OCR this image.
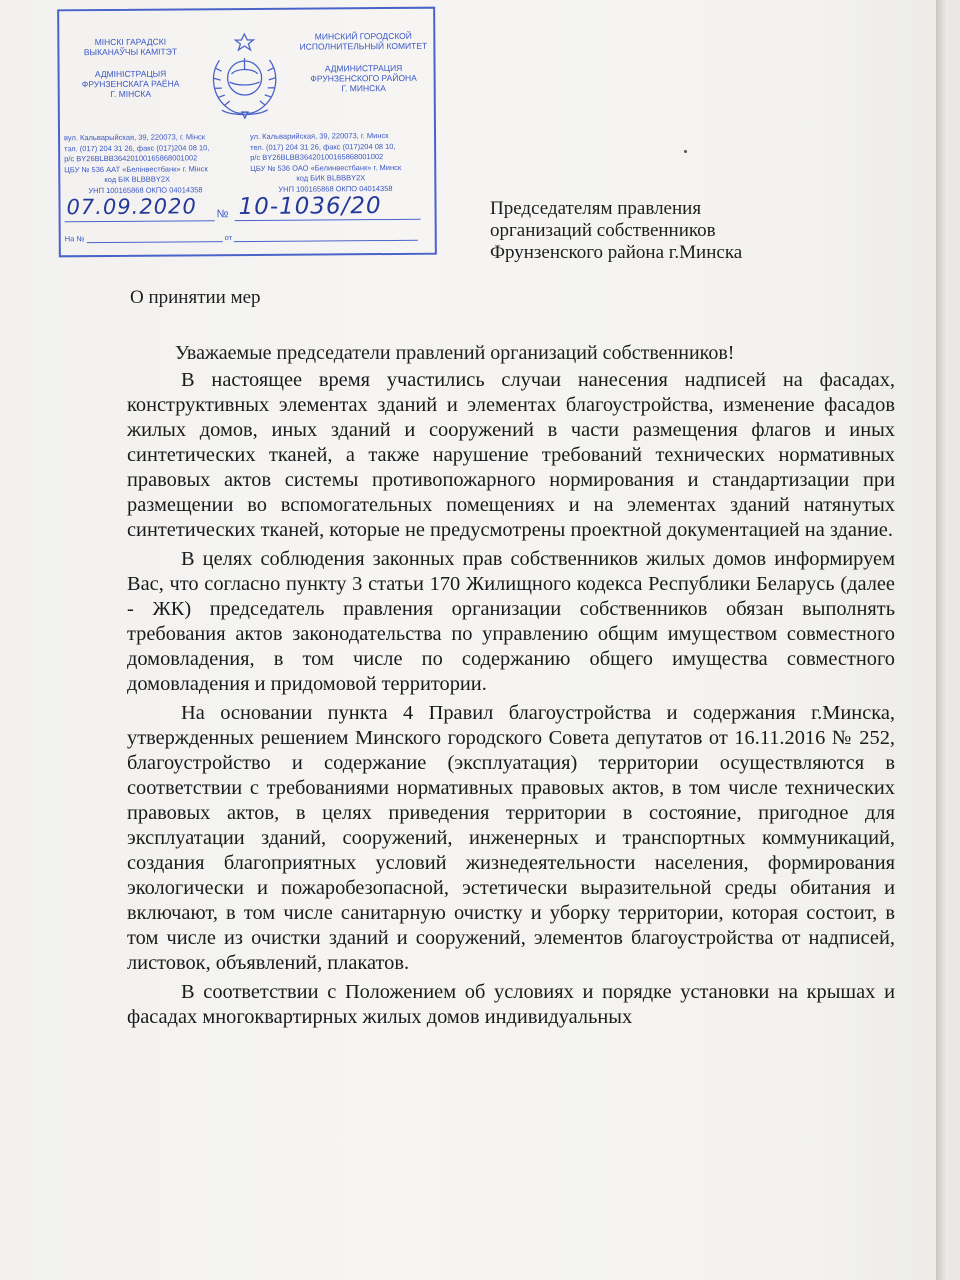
МІНСКІ ГАРАДСКІ
ВЫКАНАЎЧЫ КАМІТЭТ
АДМІНІСТРАЦЫЯ
ФРУНЗЕНСКАГА РАЁНА
Г. МІНСКА
МИНСКИЙ ГОРОДСКОЙ
ИСПОЛНИТЕЛЬНЫЙ КОМИТЕТ
АДМИНИСТРАЦИЯ
ФРУНЗЕНСКОГО РАЙОНА
Г. МИНСКА
вул. Кальварыйская, 39, 220073, г. Мінск
тэл. (017) 204 31 26, факс (017)204 08 10,
р/с BY26BLBB36420100165868001002
ЦБУ № 536 ААТ «Белінвестбанк» г. Мінск
код БІК BLBBBY2X
УНП 100165868 ОКПО 04014358
ул. Кальварийская, 39, 220073, г. Минск
тел. (017) 204 31 26, факс (017)204 08 10,
р/с BY26BLBB36420100165868001002
ЦБУ № 536 ОАО «Белинвестбанк» г. Минск
код БИК BLBBBY2X
УНП 100165868 ОКПО 04014358
№
07.09.2020 10-1036/20
На №	от
Председателям правления
организаций собственников
Фрунзенского района г.Минска
О принятии мер
Уважаемые председатели правлений организаций собственников!

В настоящее время участились случаи нанесения надписей на фасадах, конструктивных элементах зданий и элементах благоустройства, изменение фасадов жилых домов, иных зданий и сооружений в части размещения флагов и иных синтетических тканей, а также нарушение требований технических нормативных правовых актов системы противопожарного нормирования и стандартизации при размещении во вспомогательных помещениях и на элементах зданий натянутых синтетических тканей, которые не предусмотрены проектной документацией на здание.

В целях соблюдения законных прав собственников жилых домов информируем Вас, что согласно пункту 3 статьи 170 Жилищного кодекса Республики Беларусь (далее - ЖК) председатель правления организации собственников обязан выполнять требования актов законодательства по управлению общим имуществом совместного домовладения, в том числе по содержанию общего имущества совместного домовладения и придомовой территории.

На основании пункта 4 Правил благоустройства и содержания г.Минска, утвержденных решением Минского городского Совета депутатов от 16.11.2016 № 252, благоустройство и содержание (эксплуатация) территории осуществляются в соответствии с требованиями нормативных правовых актов, в том числе технических правовых актов, в целях приведения территории в состояние, пригодное для эксплуатации зданий, сооружений, инженерных и транспортных коммуникаций, создания благоприятных условий жизнедеятельности населения, формирования экологически и пожаробезопасной, эстетически выразительной среды обитания и включают, в том числе санитарную очистку и уборку территории, которая состоит, в том числе из очистки зданий и сооружений, элементов благоустройства от надписей, листовок, объявлений, плакатов.

В соответствии с Положением об условиях и порядке установки на крышах и фасадах многоквартирных жилых домов индивидуальных
